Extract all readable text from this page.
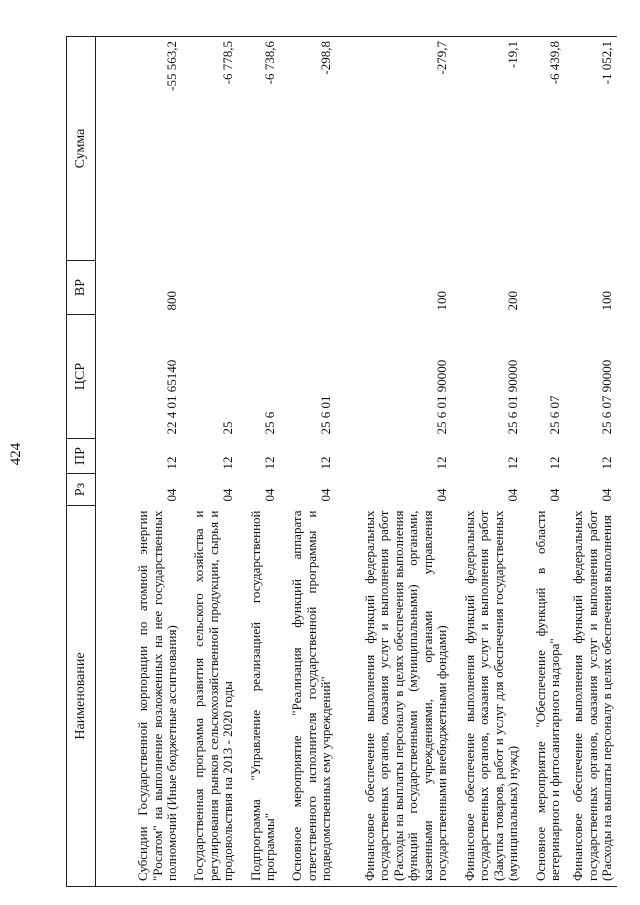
424
Наименование	Рз	ПР	ЦСР	ВР	Сумма
Субсидии Государственной корпорации по атомной энергии "Росатом" на выполнение возложенных на нее государственных полномочий (Иные бюджетные ассигнования)	04	12	22 4 01 65140	800	-55 563,2
Государственная программа развития сельского хозяйства и регулирования рынков сельскохозяйственной продукции, сырья и продовольствия на 2013 - 2020 годы	04	12	25		-6 778,5
Подпрограмма "Управление реализацией государственной программы"	04	12	25 6		-6 738,6
Основное мероприятие "Реализация функций аппарата ответственного исполнителя государственной программы и подведомственных ему учреждений"	04	12	25 6 01		-298,8
Финансовое обеспечение выполнения функций федеральных государственных органов, оказания услуг и выполнения работ (Расходы на выплаты персоналу в целях обеспечения выполнения функций государственными (муниципальными) органами, казенными учреждениями, органами управления государственными внебюджетными фондами)	04	12	25 6 01 90000	100	-279,7
Финансовое обеспечение выполнения функций федеральных государственных органов, оказания услуг и выполнения работ (Закупка товаров, работ и услуг для обеспечения государственных (муниципальных) нужд)	04	12	25 6 01 90000	200	-19,1
Основное мероприятие "Обеспечение функций в области ветеринарного и фитосанитарного надзора"	04	12	25 6 07		-6 439,8
Финансовое обеспечение выполнения функций федеральных государственных органов, оказания услуг и выполнения работ (Расходы на выплаты персоналу в целях обеспечения выполнения	04	12	25 6 07 90000	100	-1 052,1
